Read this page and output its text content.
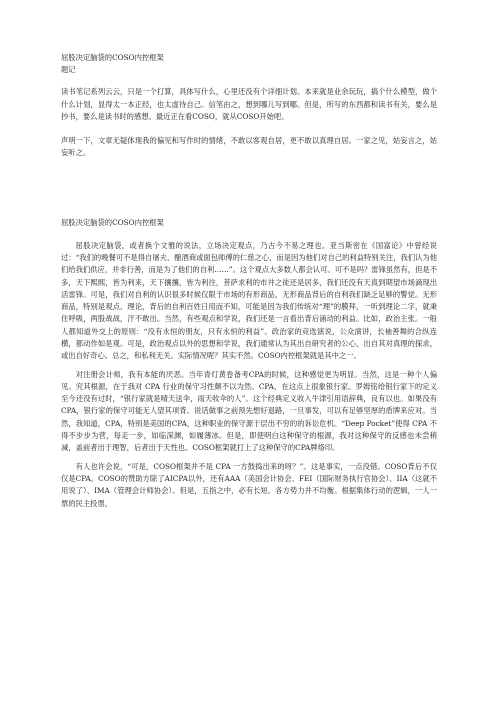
屈股决定脑袋的COSO内控框架

题记

读书笔记系列云云，只是一个打算，具体写什么，心里还没有个详细计划。本来就是业余玩玩，搞个什么模型，做个什么计划，显得太一本正经，也太虚待自己。信笔由之，想到哪儿写到哪。但是，所写的东西都和读书有关，要么是抄书，要么是读书时的感想。最近正在看COSO，就从COSO开始吧。

声明一下，文章无疑体现我的偏见和写作时的情绪，不敢以客观自居，更不敢以真理自居。一家之见，姑妄言之，姑妄听之。

屈股决定脑袋的COSO内控框架

屈股决定脑袋，或者换个文雅的说法，立场决定观点，乃古今不易之理也。亚当斯密在《国富论》中曾经说过：“我们的晚餐可不是得自屠夫、酿酒商或面包师傅的仁慈之心，而是因为他们对自己的利益特别关注，我们认为他们给我们供应，并非行善，而是为了他们的自利……”。这个观点大多数人都会认可。可不是吗？雷锋虽然有，但是不多，天下熙熙，皆为利来，天下攘攘，皆为利往，菩萨求利的市井之徒还是居多，我们还没有天真到期望市场滴现出活雷锋。可是，我们对自利的认识很多时候仅限于市场的有形商品，无形商品背后的自利我们缺乏足够的警觉。无形商品，特别是观点、理论，背后的自利百姓日用而不知，可能是因为我们传统对“理”的膜拜，一听到理论二字，就秉住呼吸，两股战战，汗不敢出。当然，有些观点和学说，我们还是一言看出背后涌动的利益。比如，政治主张。一般人都知道外交上的原则：“没有永恒的朋友，只有永恒的利益”。政治家的竞选演说，公众演讲，长袖善舞的合纵连横，都动作如是观。可是，政治观点以外的思想和学说，我们通常认为其出自研究者的公心，出自其对真理的探求，或出自好奇心。总之，和私利无关。实际情况呢？其实不然。COSO内控框架就是其中之一。

对注册会计师，我有本能的厌恶。当年青灯黄卷备考CPA的时候，这种感觉更为明显。当然，这是一种个人偏见。究其根源，在于我对 CPA 行业的保守习性颇不以为然。CPA，在这点上很象银行家。罗姆铭给银行家下的定义至今还没有过时，“银行家就是晴天送伞，雨天收伞的人”。这个经典定义收入牛津引用语辞典，良有以也。如果没有CPA，银行家的保守可能无人望其项背。说话做事之前预先想好退路，一旦事发，可以有足够坚厚的盾牌来应对。当然，我知道，CPA，特别是美国的CPA，这种职业的保守源于层出不穷的的诉讼危机。“Deep Pocket”使得 CPA 不得不步步为营，每走一步，如临深渊，如履薄冰。但是，即使明白这种保守的根源，我对这种保守的反感也未尝稍减，盖前者出于理智，后者出于天性也。COSO框架就打上了这种保守的CPA牌烙印。

有人也许会说，“可是，COSO框架并不是 CPA 一方鼓捣出来的呀？”。这是事实，一点没错。COSO背后不仅仅是CPA。COSO的赞助方除了AICPA以外，还有AAA（美国会计协会、FEI（国际财务执行官协会）、IIA（这就不用说了）、IMA（管理会计师协会）。但是，五指之中，必有长短。各方势力并不均衡。根据集体行动的逻辑，一人一票的民主投票，
